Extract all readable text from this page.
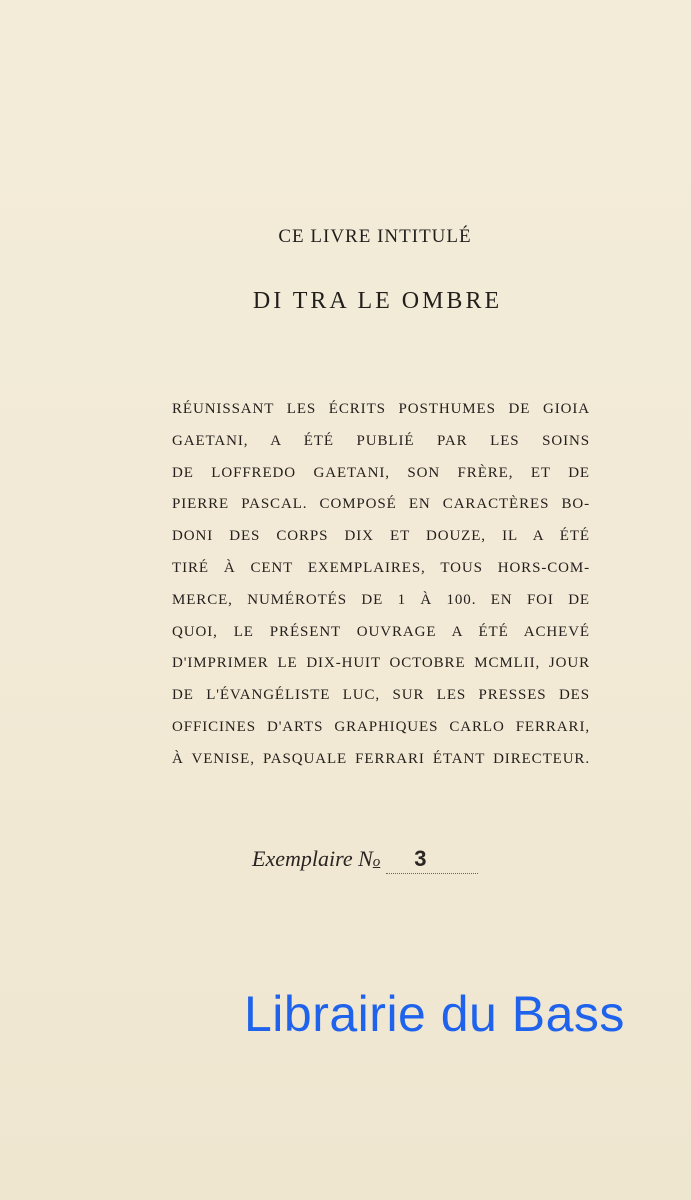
CE LIVRE INTITULÉ
DI TRA LE OMBRE
RÉUNISSANT LES ÉCRITS POSTHUMES DE GIOIA
GAETANI, A ÉTÉ PUBLIÉ PAR LES SOINS
DE LOFFREDO GAETANI, SON FRÈRE, ET DE
PIERRE PASCAL. COMPOSÉ EN CARACTÈRES BO-
DONI DES CORPS DIX ET DOUZE, IL A ÉTÉ
TIRÉ À CENT EXEMPLAIRES, TOUS HORS-COM-
MERCE, NUMÉROTÉS DE 1 À 100. EN FOI DE
QUOI, LE PRÉSENT OUVRAGE A ÉTÉ ACHEVÉ
D'IMPRIMER LE DIX-HUIT OCTOBRE MCMLII, JOUR
DE L'ÉVANGÉLISTE LUC, SUR LES PRESSES DES
OFFICINES D'ARTS GRAPHIQUES CARLO FERRARI,
À VENISE, PASQUALE FERRARI ÉTANT DIRECTEUR.
Exemplaire No	3
Librairie du Bass
